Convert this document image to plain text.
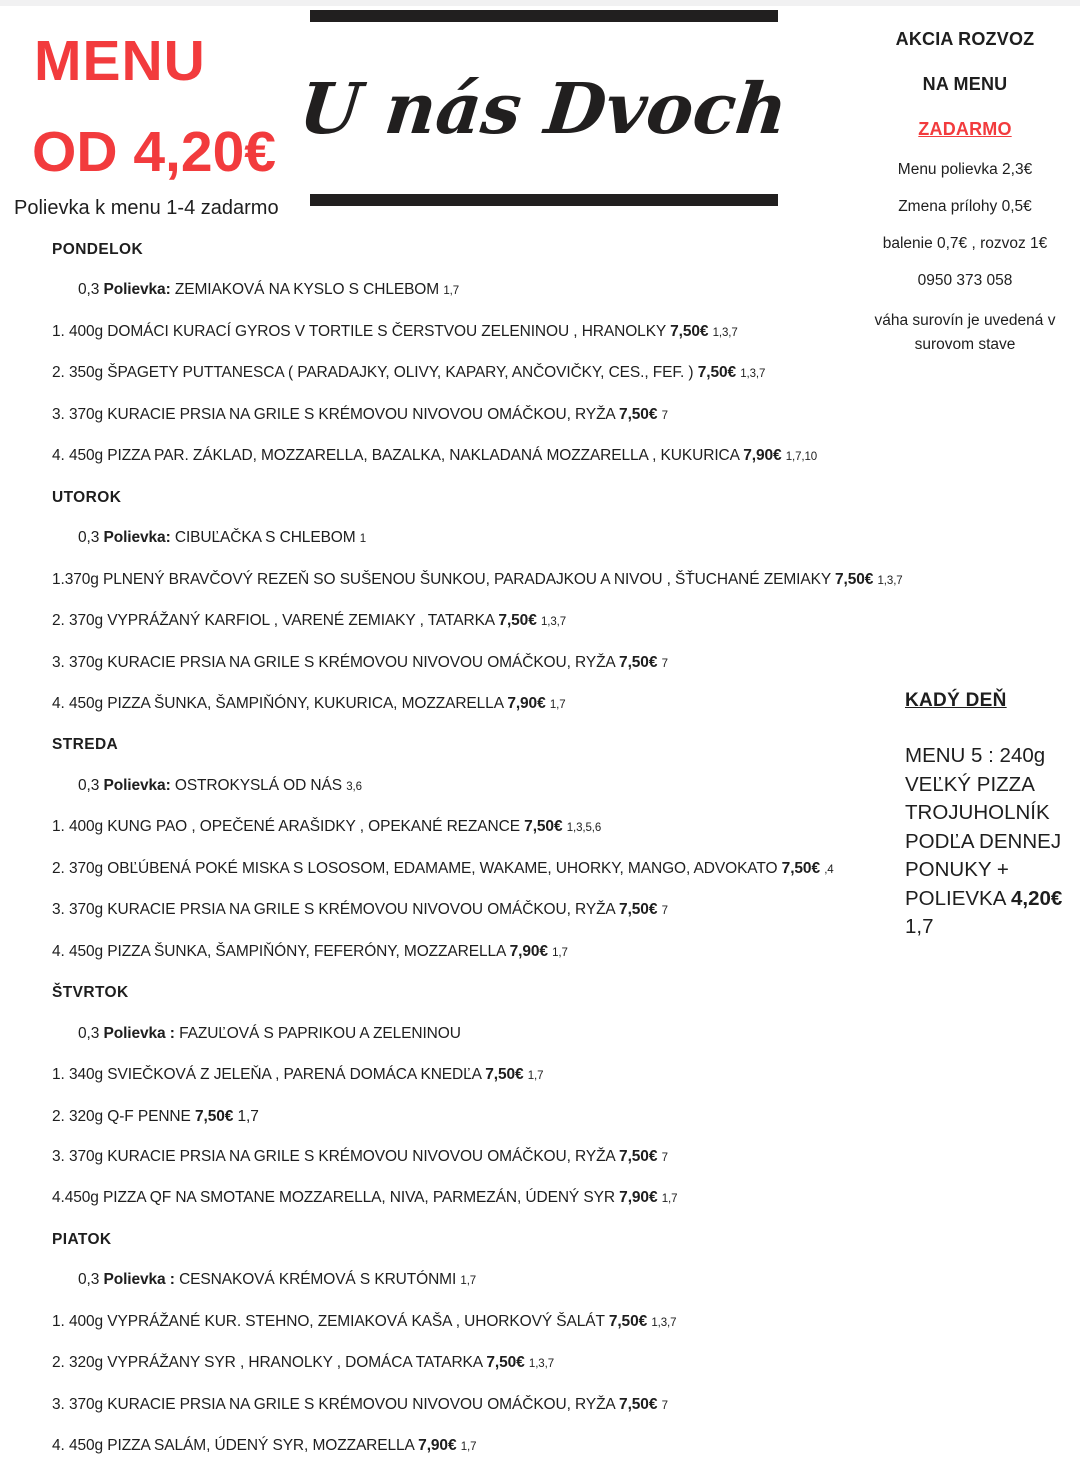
MENU
OD 4,20€
Polievka k menu 1-4 zadarmo
U nás Dvoch
AKCIA ROZVOZ
NA MENU
ZADARMO
Menu polievka 2,3€
Zmena prílohy 0,5€
balenie 0,7€ , rozvoz 1€
0950 373 058
váha surovín je uvedená v surovom stave
PONDELOK
0,3 Polievka: ZEMIAKOVÁ NA KYSLO S CHLEBOM 1,7
1. 400g DOMÁCI KURACÍ GYROS V TORTILE S ČERSTVOU ZELENINOU , HRANOLKY 7,50€ 1,3,7
2. 350g ŠPAGETY PUTTANESCA ( PARADAJKY, OLIVY, KAPARY, ANČOVIČKY, CES., FEF. ) 7,50€ 1,3,7
3. 370g KURACIE PRSIA NA GRILE S KRÉMOVOU NIVOVOU OMÁČKOU, RYŽA 7,50€ 7
4. 450g PIZZA PAR. ZÁKLAD, MOZZARELLA, BAZALKA, NAKLADANÁ MOZZARELLA , KUKURICA 7,90€ 1,7,10
UTOROK
0,3 Polievka: CIBUĽAČKA S CHLEBOM 1
1.370g PLNENÝ BRAVČOVÝ REZEŇ SO SUŠENOU ŠUNKOU, PARADAJKOU A NIVOU , ŠŤUCHANÉ ZEMIAKY 7,50€ 1,3,7
2. 370g VYPRÁŽANÝ KARFIOL , VARENÉ ZEMIAKY , TATARKA 7,50€ 1,3,7
3. 370g KURACIE PRSIA NA GRILE S KRÉMOVOU NIVOVOU OMÁČKOU, RYŽA 7,50€ 7
4. 450g PIZZA ŠUNKA, ŠAMPIŇÓNY, KUKURICA, MOZZARELLA 7,90€ 1,7
STREDA
0,3 Polievka: OSTROKYSLÁ OD NÁS 3,6
1. 400g KUNG PAO , OPEČENÉ ARAŠIDKY , OPEKANÉ REZANCE 7,50€ 1,3,5,6
2. 370g OBĽÚBENÁ POKÉ MISKA S LOSOSOM, EDAMAME, WAKAME, UHORKY, MANGO, ADVOKATO 7,50€ ,4
3. 370g KURACIE PRSIA NA GRILE S KRÉMOVOU NIVOVOU OMÁČKOU, RYŽA 7,50€ 7
4. 450g PIZZA ŠUNKA, ŠAMPIŇÓNY, FEFERÓNY, MOZZARELLA 7,90€ 1,7
ŠTVRTOK
0,3 Polievka : FAZUĽOVÁ S PAPRIKOU A ZELENINOU
1. 340g SVIEČKOVÁ Z JELEŇA , PARENÁ DOMÁCA KNEDĽA 7,50€ 1,7
2. 320g Q-F PENNE 7,50€ 1,7
3. 370g KURACIE PRSIA NA GRILE S KRÉMOVOU NIVOVOU OMÁČKOU, RYŽA 7,50€ 7
4.450g PIZZA QF NA SMOTANE MOZZARELLA, NIVA, PARMEZÁN, ÚDENÝ SYR 7,90€ 1,7
PIATOK
0,3 Polievka : CESNAKOVÁ KRÉMOVÁ S KRUTÓNMI 1,7
1. 400g VYPRÁŽANÉ KUR. STEHNO, ZEMIAKOVÁ KAŠA , UHORKOVÝ ŠALÁT 7,50€ 1,3,7
2. 320g VYPRÁŽANY SYR , HRANOLKY , DOMÁCA TATARKA 7,50€ 1,3,7
3. 370g KURACIE PRSIA NA GRILE S KRÉMOVOU NIVOVOU OMÁČKOU, RYŽA 7,50€ 7
4. 450g PIZZA SALÁM, ÚDENÝ SYR, MOZZARELLA 7,90€ 1,7
KADÝ DEŇ
MENU 5 : 240g
VEĽKÝ PIZZA
TROJUHOLNÍK
PODĽA DENNEJ
PONUKY +
POLIEVKA 4,20€
1,7
